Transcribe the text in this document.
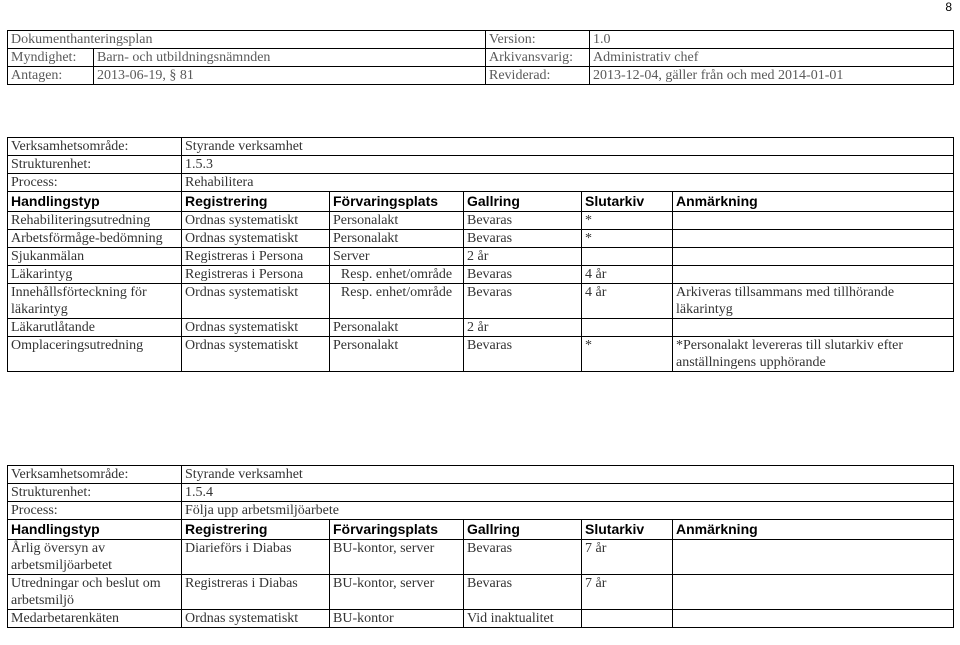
8
Dokumenthanteringsplan		Version:	1.0
Myndighet:	Barn- och utbildningsnämnden	Arkivansvarig:	Administrativ chef
Antagen:	2013-06-19, § 81	Reviderad:	2013-12-04, gäller från och med 2014-01-01
Verksamhetsområde:	Styrande verksamhet				
Strukturenhet:	1.5.3				
Process:	Rehabilitera				
Handlingstyp	Registrering	Förvaringsplats	Gallring	Slutarkiv	Anmärkning
Rehabiliteringsutredning	Ordnas systematiskt	Personalakt	Bevaras	*	
Arbetsförmåge-bedömning	Ordnas systematiskt	Personalakt	Bevaras	*	
Sjukanmälan	Registreras i Persona	Server	2 år		
Läkarintyg	Registreras i Persona	Resp. enhet/område	Bevaras	4 år	
Innehållsförteckning för läkarintyg	Ordnas systematiskt	Resp. enhet/område	Bevaras	4 år	Arkiveras tillsammans med tillhörande läkarintyg
Läkarutlåtande	Ordnas systematiskt	Personalakt	2 år		
Omplaceringsutredning	Ordnas systematiskt	Personalakt	Bevaras	*	*Personalakt levereras till slutarkiv efter anställningens upphörande
Verksamhetsområde:	Styrande verksamhet				
Strukturenhet:	1.5.4				
Process:	Följa upp arbetsmiljöarbete				
Handlingstyp	Registrering	Förvaringsplats	Gallring	Slutarkiv	Anmärkning
Årlig översyn av arbetsmiljöarbetet	Diarieförs i Diabas	BU-kontor, server	Bevaras	7 år	
Utredningar och beslut om arbetsmiljö	Registreras i Diabas	BU-kontor, server	Bevaras	7 år	
Medarbetarenkäten	Ordnas systematiskt	BU-kontor	Vid inaktualitet		
